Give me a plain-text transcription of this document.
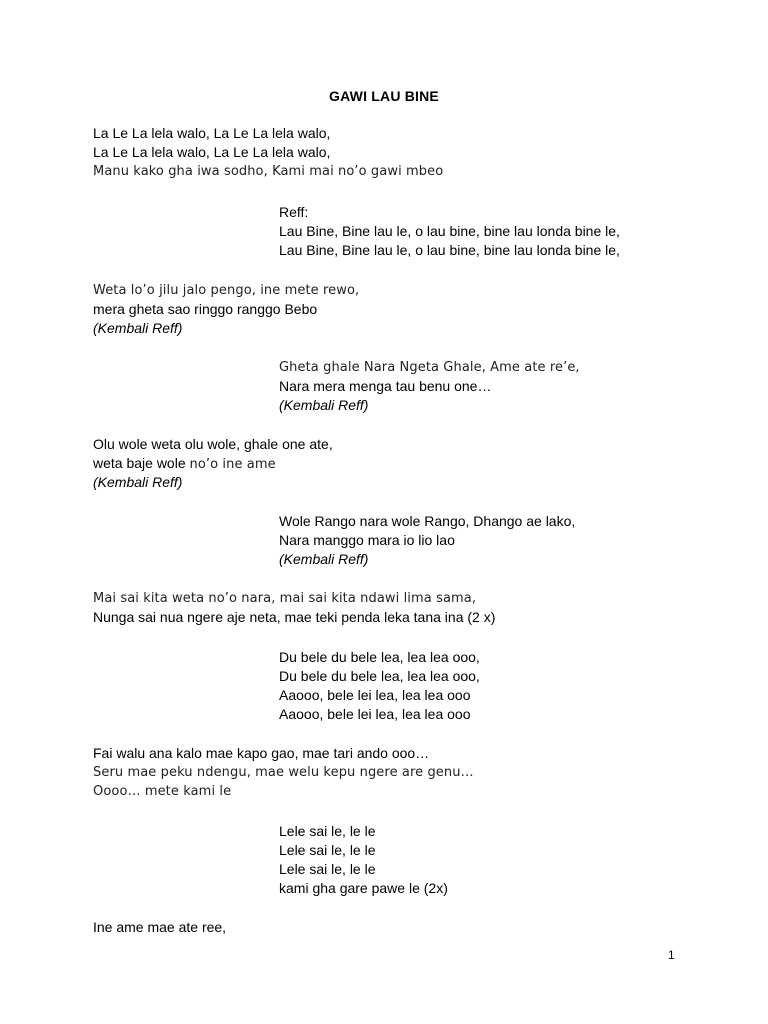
GAWI LAU BINE
La Le La lela walo, La Le La lela walo,
La Le La lela walo, La Le La lela walo,
Manu kako gha iwa sodho, Kami mai no’o gawi mbeo
Reff:
Lau Bine, Bine lau le, o lau bine, bine lau londa bine le,
Lau Bine, Bine lau le, o lau bine, bine lau londa bine le,
Weta lo’o jilu jalo pengo, ine mete rewo,
mera gheta sao ringgo ranggo Bebo
(Kembali Reff)
Gheta ghale Nara Ngeta Ghale, Ame ate re’e,
Nara mera menga tau benu one…
(Kembali Reff)
Olu wole weta olu wole, ghale one ate,
weta baje wole no’o ine ame
(Kembali Reff)
Wole Rango nara wole Rango, Dhango ae lako,
Nara manggo mara io lio lao
(Kembali Reff)
Mai sai kita weta no’o nara, mai sai kita ndawi lima sama,
Nunga sai nua ngere aje neta, mae teki penda leka tana ina (2 x)
Du bele du bele lea, lea lea ooo,
Du bele du bele lea, lea lea ooo,
Aaooo, bele lei lea, lea lea ooo
Aaooo, bele lei lea, lea lea ooo
Fai walu ana kalo mae kapo gao, mae tari ando ooo…
Seru mae peku ndengu, mae welu kepu ngere are genu…
Oooo… mete kami le
Lele sai le, le le
Lele sai le, le le
Lele sai le, le le
kami gha gare pawe le (2x)
Ine ame mae ate ree,
1
